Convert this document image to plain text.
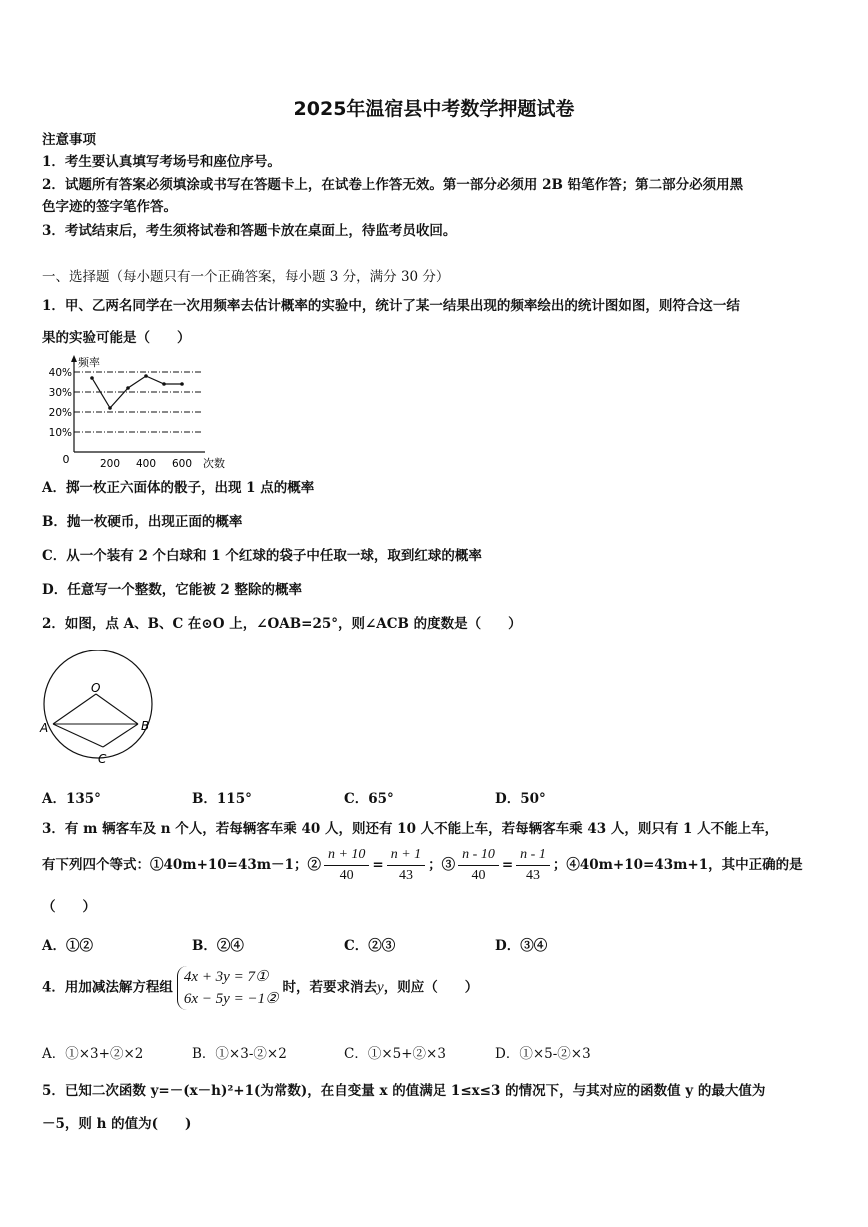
2025年温宿县中考数学押题试卷
注意事项
1．考生要认真填写考场号和座位序号。
2．试题所有答案必须填涂或书写在答题卡上，在试卷上作答无效。第一部分必须用 2B 铅笔作答；第二部分必须用黑
色字迹的签字笔作答。
3．考试结束后，考生须将试卷和答题卡放在桌面上，待监考员收回。
一、选择题（每小题只有一个正确答案，每小题 3 分，满分 30 分）
1．甲、乙两名同学在一次用频率去估计概率的实验中，统计了某一结果出现的频率绘出的统计图如图，则符合这一结
果的实验可能是（　　）
频率
0	次数
10%
20%
30%
40%
200 400 600
A．掷一枚正六面体的骰子，出现 1 点的概率
B．抛一枚硬币，出现正面的概率
C．从一个装有 2 个白球和 1 个红球的袋子中任取一球，取到红球的概率
D．任意写一个整数，它能被 2 整除的概率
2．如图，点 A、B、C 在⊙O 上，∠OAB=25°，则∠ACB 的度数是（　　）
O
A	B
C
A．135°	B．115°	C．65°	D．50°
3．有 m 辆客车及 n 个人，若每辆客车乘 40 人，则还有 10 人不能上车，若每辆客车乘 43 人，则只有 1 人不能上车，
有下列四个等式：①40m+10=43m－1；② $\frac{n + 10}{40} = \frac{n + 1}{43}$ ；③ $\frac{n - 10}{40} = \frac{n - 1}{43}$ ；④40m+10=43m+1，其中正确的是
（　　）
A．①②	B．②④	C．②③	D．③④
4．用加减法解方程组
4x + 3y = 7①
6x − 5y = −1②
时，若要求消去y，则应（　　）
A．①×3+②×2	B．①×3-②×2	C．①×5+②×3	D．①×5-②×3
5．已知二次函数 y=－(x－h)²+1(为常数)，在自变量 x 的值满足 1≤x≤3 的情况下，与其对应的函数值 y 的最大值为
－5，则 h 的值为(　　)
